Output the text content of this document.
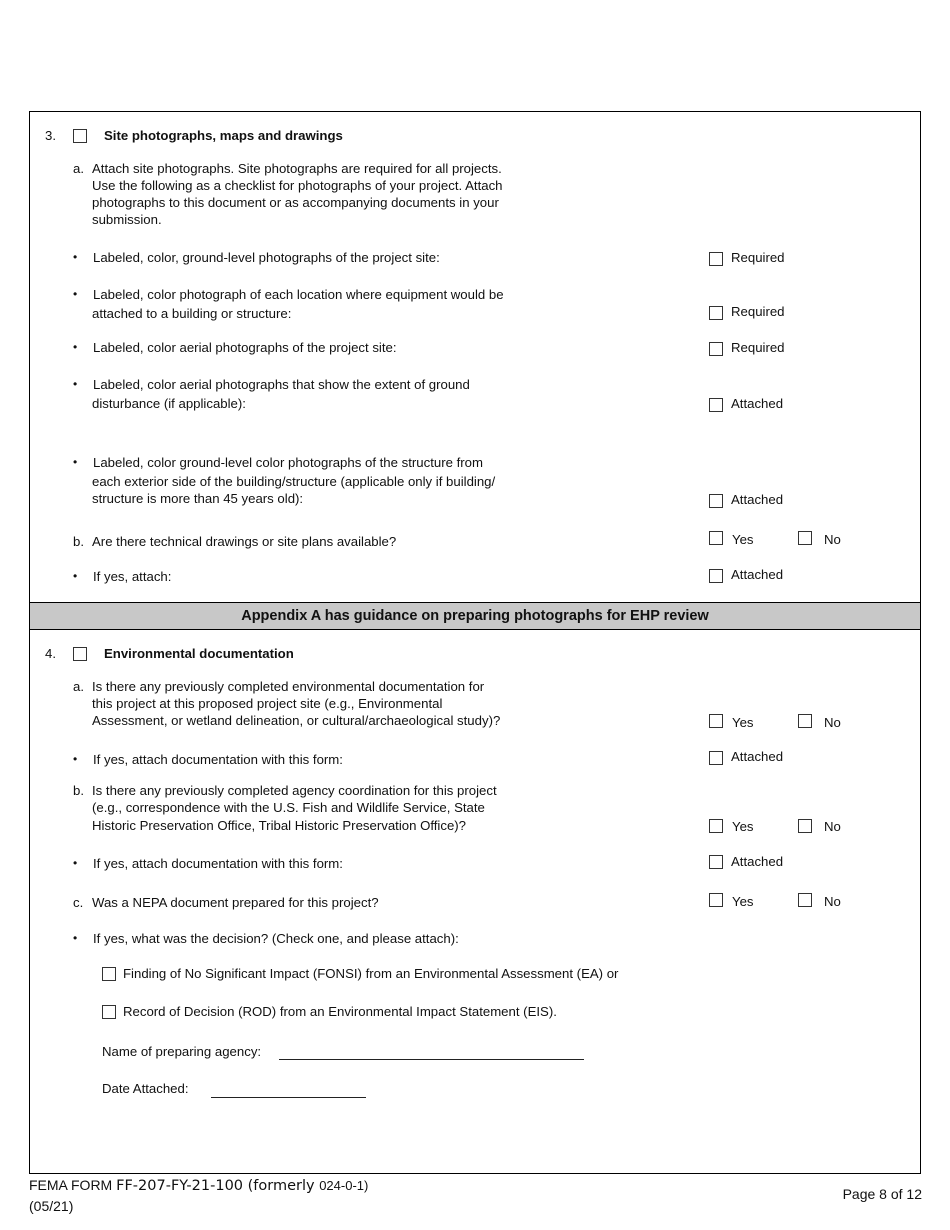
3.	Site photographs, maps and drawings
a. Attach site photographs. Site photographs are required for all projects.
Use the following as a checklist for photographs of your project. Attach
photographs to this document or as accompanying documents in your
submission.
• Labeled, color, ground-level photographs of the project site:	Required
• Labeled, color photograph of each location where equipment would be
attached to a building or structure:	Required
• Labeled, color aerial photographs of the project site:	Required
• Labeled, color aerial photographs that show the extent of ground
disturbance (if applicable):	Attached
• Labeled, color ground-level color photographs of the structure from
each exterior side of the building/structure (applicable only if building/
structure is more than 45 years old):	Attached
b. Are there technical drawings or site plans available?	Yes	No
• If yes, attach:	Attached
Appendix A has guidance on preparing photographs for EHP review
4.	Environmental documentation
a. Is there any previously completed environmental documentation for
this project at this proposed project site (e.g., Environmental
Assessment, or wetland delineation, or cultural/archaeological study)?	Yes	No
• If yes, attach documentation with this form:	Attached
b. Is there any previously completed agency coordination for this project
(e.g., correspondence with the U.S. Fish and Wildlife Service, State
Historic Preservation Office, Tribal Historic Preservation Office)?	Yes	No
• If yes, attach documentation with this form:	Attached
c. Was a NEPA document prepared for this project?	Yes	No
• If yes, what was the decision? (Check one, and please attach):
Finding of No Significant Impact (FONSI) from an Environmental Assessment (EA) or
Record of Decision (ROD) from an Environmental Impact Statement (EIS).
Name of preparing agency:
Date Attached:
FEMA FORM FF-207-FY-21-100 (formerly 024-0-1)
(05/21)
Page 8 of 12
